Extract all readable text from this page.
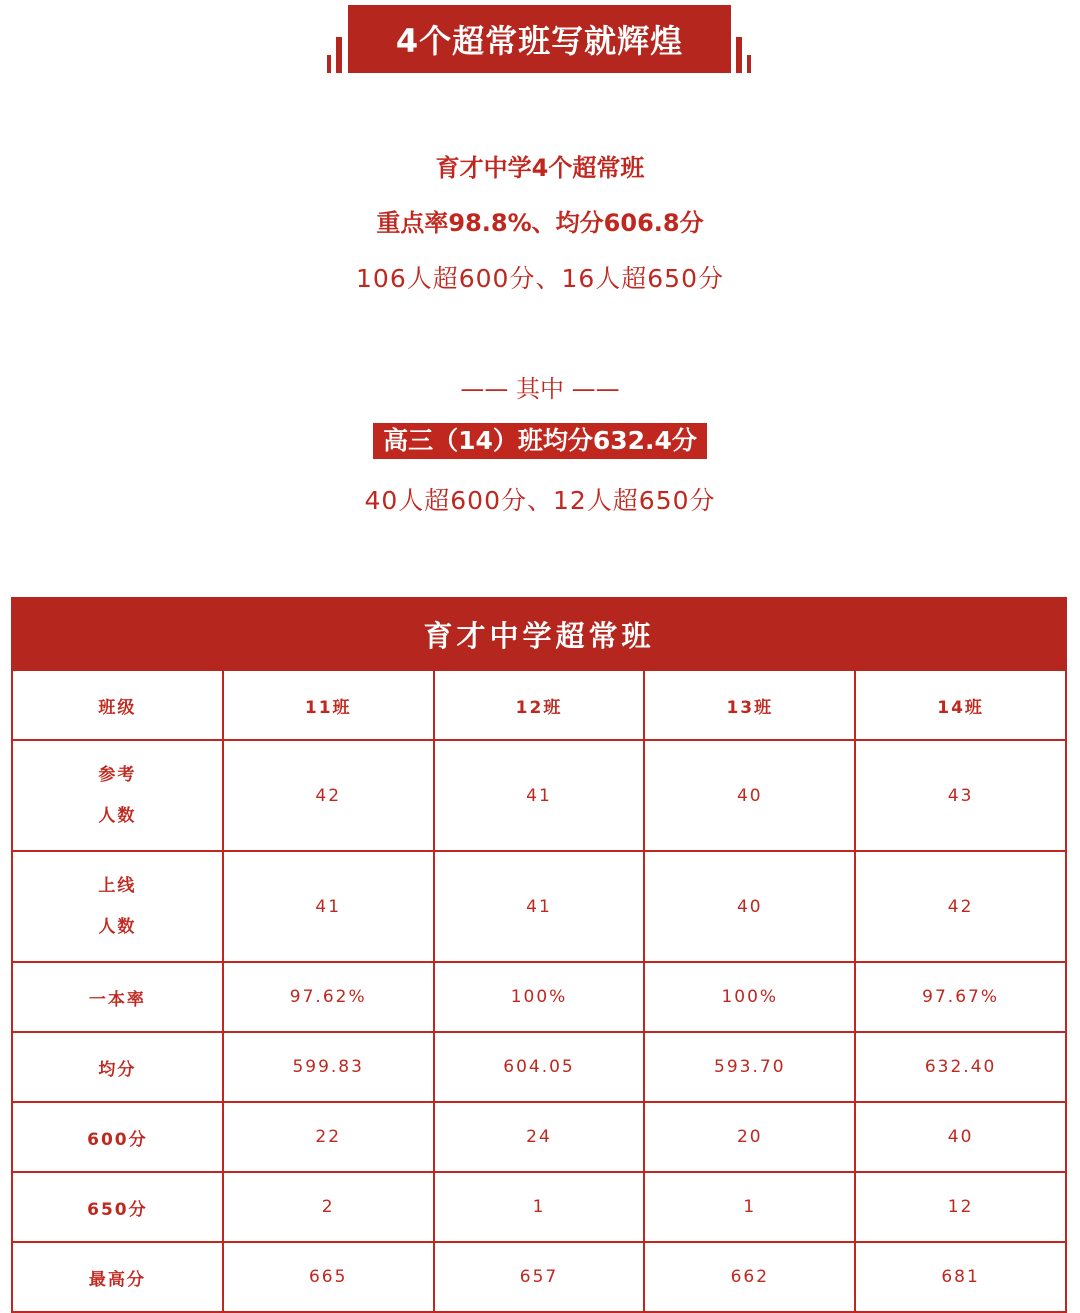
4个超常班写就辉煌
育才中学4个超常班
重点率98.8%、均分606.8分
106人超600分、16人超650分
—— 其中 ——
高三（14）班均分632.4分
40人超600分、12人超650分
育才中学超常班				
班级	11班	12班	13班	14班

参考
人数	42	41	40	43

上线
人数	41	41	40	42
一本率	97.62%	100%	100%	97.67%
均分	599.83	604.05	593.70	632.40
600分	22	24	20	40
650分	2	1	1	12
最高分	665	657	662	681
